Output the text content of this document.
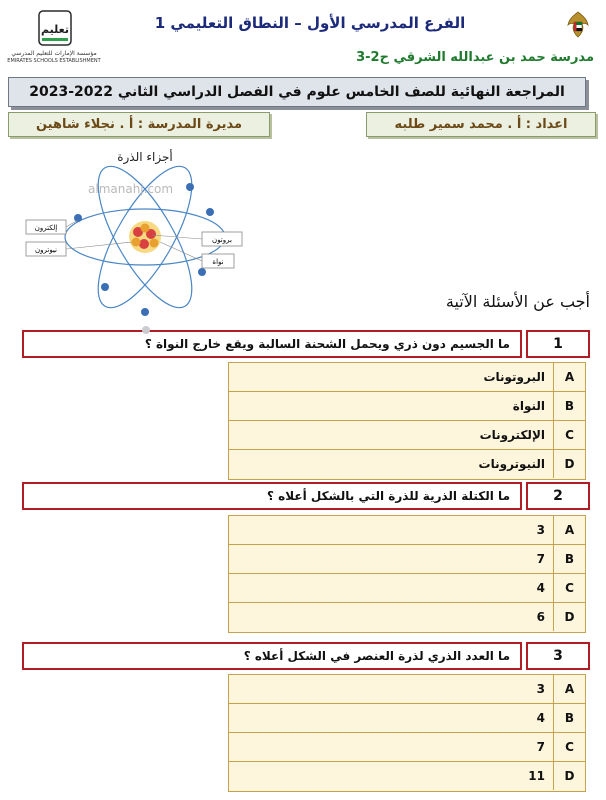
تعليم
مؤسسة الإمارات للتعليم المدرسي
EMIRATES SCHOOLS ESTABLISHMENT
الفرع المدرسي الأول – النطاق التعليمي 1
مدرسة حمد بن عبدالله الشرقي ح2-3
المراجعة النهائية للصف الخامس علوم في الفصل الدراسي الثاني 2022-2023
اعداد : أ . محمد سمير طلبه
مديرة المدرسة : أ . نجلاء شاهين
إلكترون
نيوترون
بروتون
نواة
أجزاء الذرة
almanahj.com
أجب عن الأسئلة الآتية
ما الجسيم دون ذري ويحمل الشحنة السالبة ويقع خارج النواة ؟	1
البروتونات	A
النواة	B
الإلكترونات	C
النيوترونات	D
ما الكتلة الذرية للذرة التي بالشكل أعلاه ؟	2
3	A
7	B
4	C
6	D
ما العدد الذري لذرة العنصر في الشكل أعلاه ؟	3
3	A
4	B
7	C
11	D
